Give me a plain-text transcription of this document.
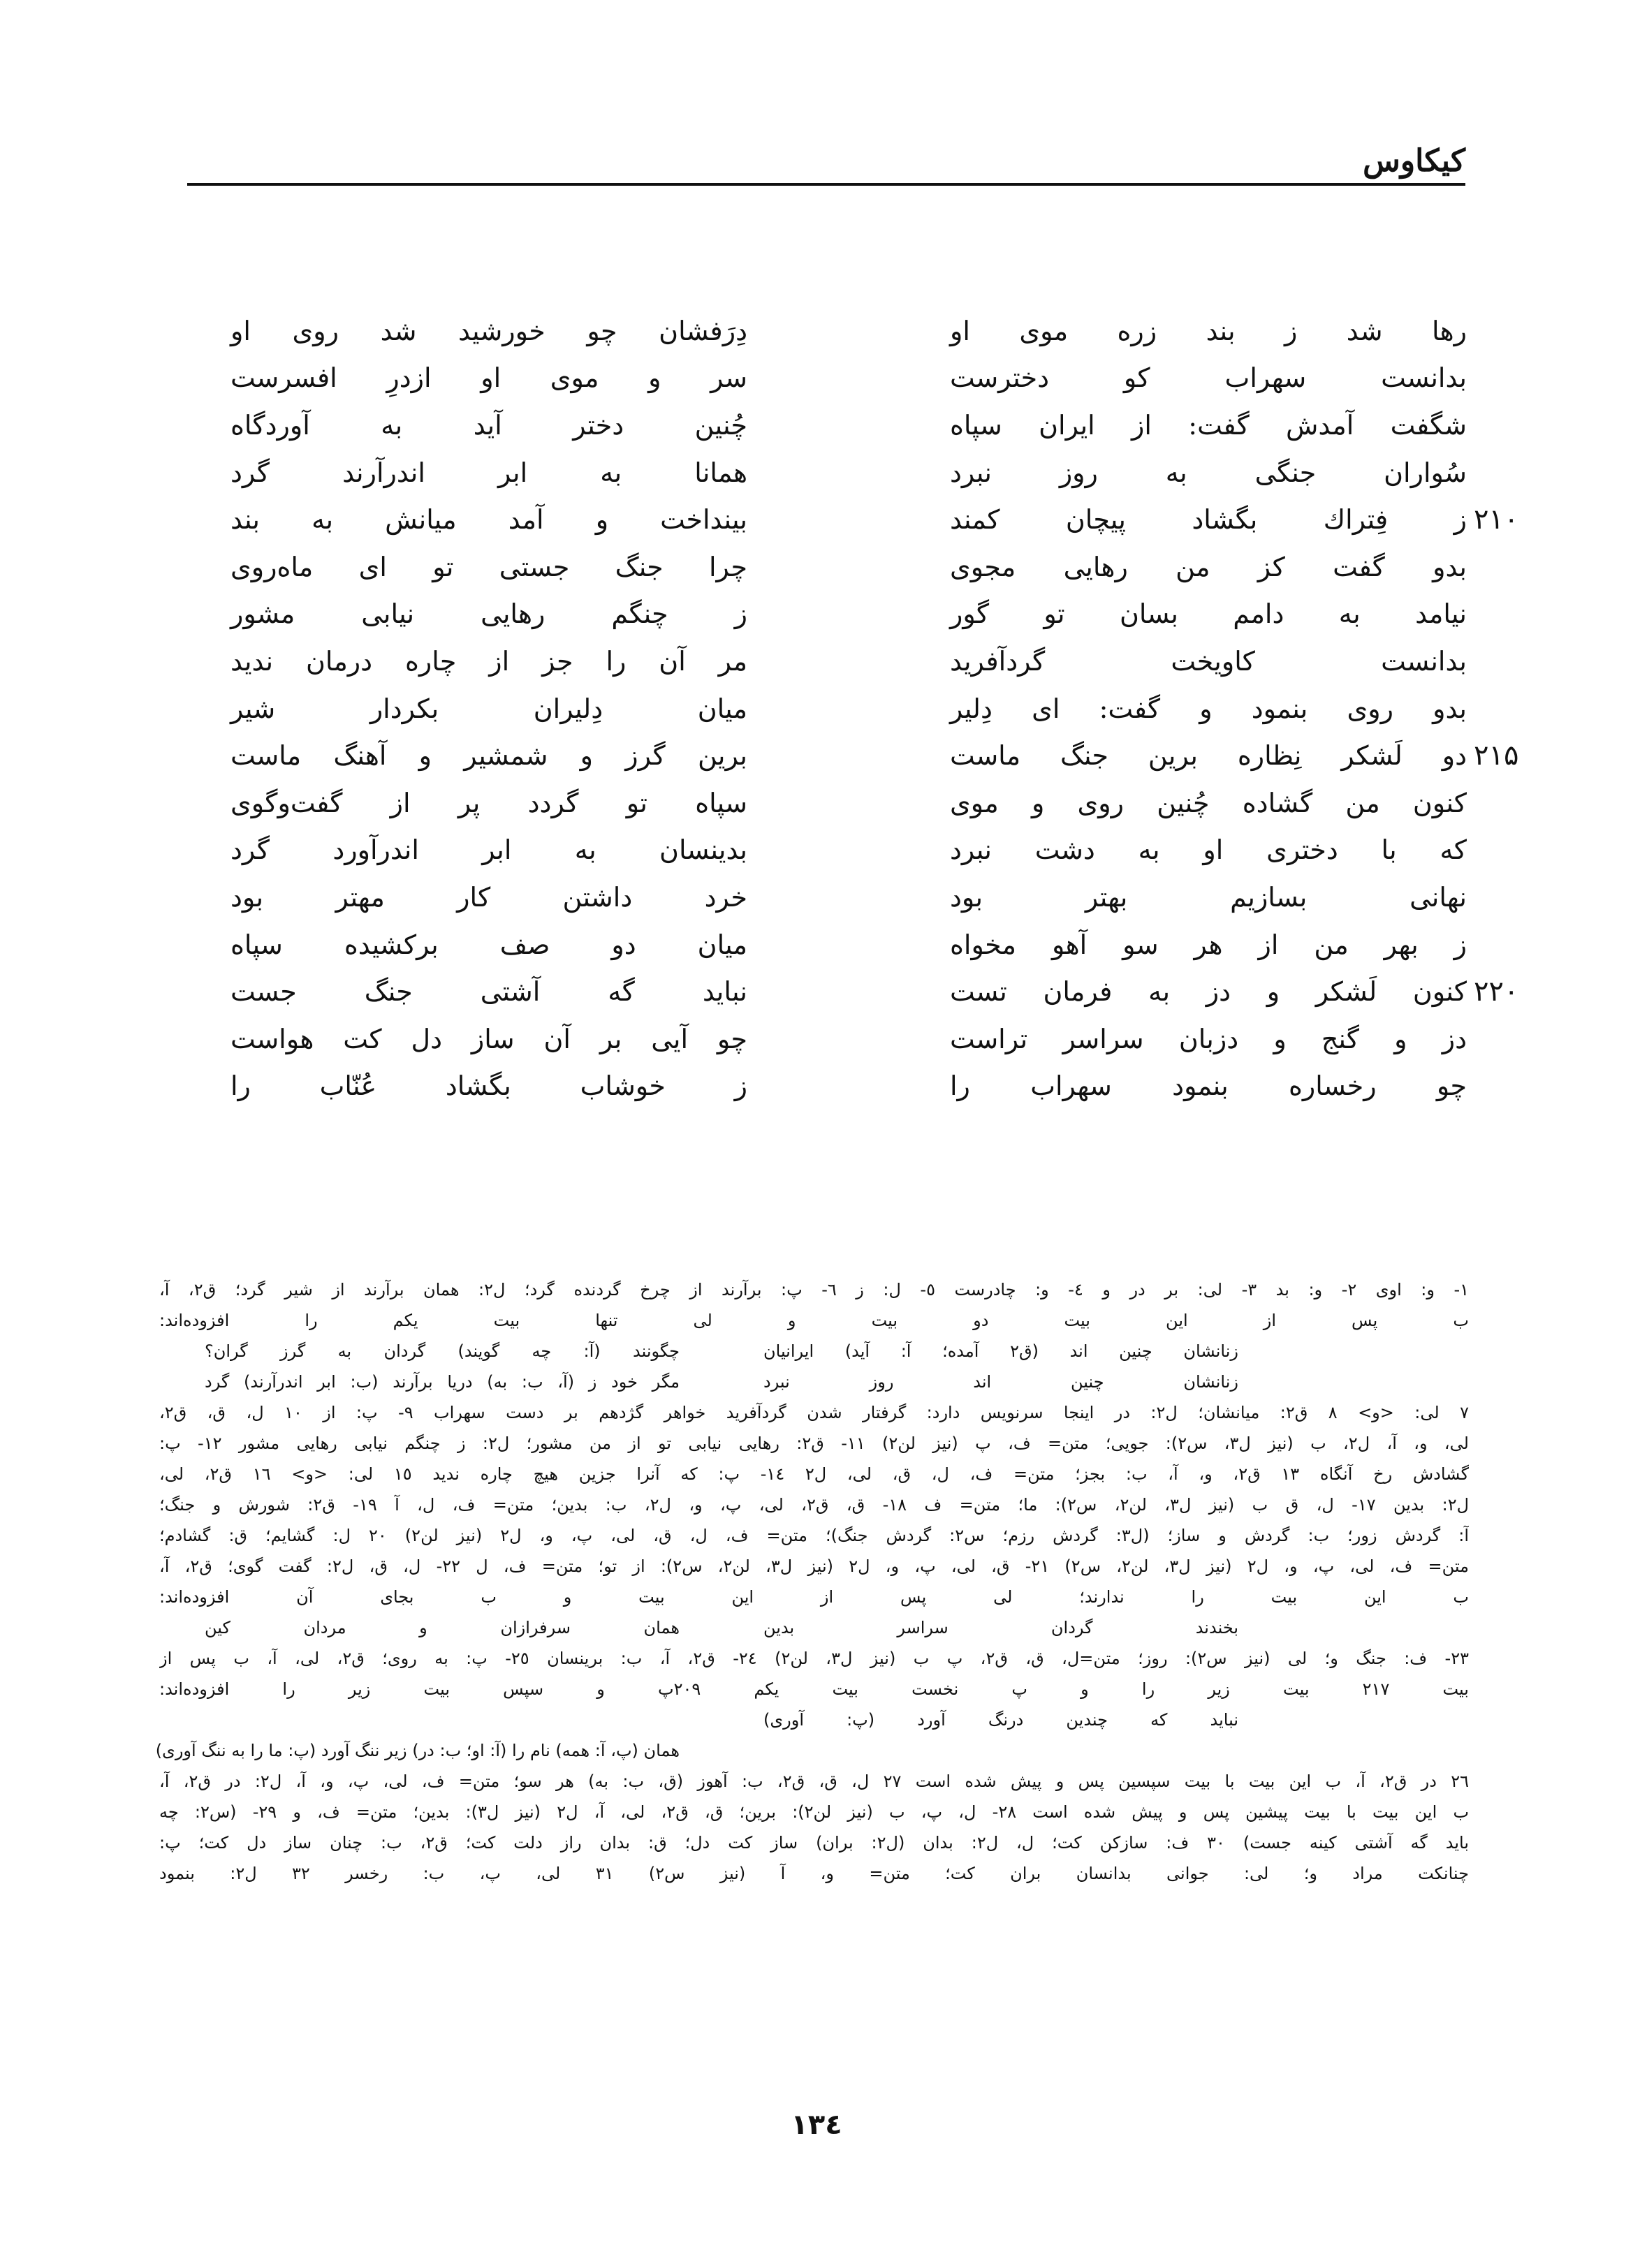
کیکاوس
رها شد ز بند زره موی او
دِرَفشان چو خورشید شد روی او
بدانست سهراب کو دخترست
سر و موی او ازدرِ افسرست
شگفت آمدش گفت: از ایران سپاه
چُنین دختر آید به آوردگاه
سُواران جنگی به روز نبرد
همانا به ابر اندرآرند گرد
۲۱۰
ز فِتراك بگشاد پیچان کمند
بینداخت و آمد میانش به بند
بدو گفت کز من رهایی مجوی
چرا جنگ جستی تو ای ماه‌روی
نیامد به دامم بسان تو گور
ز چنگم رهایی نیابی مشور
بدانست کاویخت گردآفرید
مر آن را جز از چاره درمان ندید
بدو روی بنمود و گفت: ای دِلیر
میان دِلیران بکردار شیر
۲۱۵
دو لَشکر نِظاره برین جنگ ماست
برین گرز و شمشیر و آهنگ ماست
کنون من گشاده چُنین روی و موی
سپاه تو گردد پر از گفت‌وگوی
که با دختری او به دشت نبرد
بدینسان به ابر اندرآورد گرد
نهانی بسازیم بهتر بود
خرد داشتن کار مهتر بود
ز بهر من از هر سو آهو مخواه
میان دو صف برکشیده سپاه
۲۲۰
کنون لَشکر و دز به فرمان تست
نباید گه آشتی جنگ جست
دز و گنج و دزبان سراسر تراست
چو آیی بر آن ساز دل کت هواست
چو رخساره بنمود سهراب را
ز خوشاب بگشاد عُنّاب را
۱- و: اوی ۲- و: بد ۳- لی: بر در و ٤- و: چادرست ٥- ل: ز ٦- پ: برآرند از چرخ گردنده گرد؛ ل۲: همان برآرند از شیر گرد؛ ق۲، آ،
ب پس از این بیت دو بیت و لی تنها بیت یکم را افزوده‌اند:
زنانشان چنین اند (ق۲ آمده؛ آ: آید) ایرانیانچگونند (آ: چه گویند) گردان به گرز گران؟
زنانشان چنین اند روز نبردمگر خود ز (آ، ب: به) دریا برآرند (ب: ابر اندرآرند) گرد
۷ لی: <و> ۸ ق۲: میانشان؛ ل۲: در اینجا سرنویس دارد: گرفتار شدن گردآفرید خواهر گژدهم بر دست سهراب ۹- پ: از ۱۰ ل، ق، ق۲،
لی، و، آ، ل۲، ب (نیز ل۳، س۲): جویی؛ متن= ف، پ (نیز لن۲) ۱۱- ق۲: رهایی نیابی تو از من مشور؛ ل۲: ز چنگم نیابی رهایی مشور ۱۲- پ:
گشادش رخ آنگاه ۱۳ ق۲، و، آ، ب: بجز؛ متن= ف، ل، ق، لی، ل۲ ۱٤- پ: که آنرا جزین هیچ چاره ندید ۱٥ لی: <و> ۱٦ ق۲، لی،
ل۲: بدین ۱۷- ل، ق ب (نیز ل۳، لن۲، س۲): ما؛ متن= ف ۱۸- ق، ق۲، لی، پ، و، ل۲، ب: بدین؛ متن= ف، ل، آ ۱۹- ق۲: شورش و جنگ؛
آ: گردش زور؛ ب: گردش و ساز؛ (ل۳: گردش رزم؛ س۲: گردش جنگ)؛ متن= ف، ل، ق، لی، پ، و، ل۲ (نیز لن۲) ۲۰ ل: گشایم؛ ق: گشادم؛
متن= ف، لی، پ، و، ل۲ (نیز ل۳، لن۲، س۲) ۲۱- ق، لی، پ، و، ل۲ (نیز ل۳، لن۲، س۲): از تو؛ متن= ف، ل ۲۲- ل، ق، ل۲: گفت گوی؛ ق۲، آ،
ب این بیت را ندارند؛ لی پس از این بیت و ب بجای آن افزوده‌اند:
بخندند گردان سراسر بدینهمان سرفرازان و مردان کین
۲۳- ف: جنگ و؛ لی (نیز س۲): روز؛ متن=ل، ق، ق۲، پ ب (نیز ل۳، لن۲) ۲٤- ق۲، آ، ب: برینسان ۲٥- پ: به روی؛ ق۲، لی، آ، ب پس از
بیت ۲۱۷ بیت زیر را و پ نخست بیت یکم ۲۰۹پ و سپس بیت زیر را افزوده‌اند:
نباید که چندین درنگ آورد (پ: آوری)
همان (پ، آ: همه) نام را (آ: او؛ ب: در) زیر ننگ آورد (پ: ما را به ننگ آوری)
۲٦ در ق۲، آ، ب این بیت با بیت سپسین پس و پیش شده است ۲۷ ل، ق، ق۲، ب: آهوز (ق، ب: به) هر سو؛ متن= ف، لی، پ، و، آ، ل۲: در ق۲، آ،
ب این بیت با بیت پیشین پس و پیش شده است ۲۸- ل، پ، ب (نیز لن۲): برین؛ ق، ق۲، لی، آ، ل۲ (نیز ل۳): بدین؛ متن= ف، و ۲۹- (س۲: چه
باید گه آشتی کینه جست) ۳۰ ف: سازکن کت؛ ل، ل۲: بدان (ل۲: بران) ساز کت دل؛ ق: بدان راز دلت کت؛ ق۲، ب: چنان ساز دل کت؛ پ:
چنانکت مراد و؛ لی: جوانی بدانسان بران کت؛ متن= و، آ (نیز س۲) ۳۱ لی، پ، ب: رخسر ۳۲ ل۲: بنمود
۱۳٤
